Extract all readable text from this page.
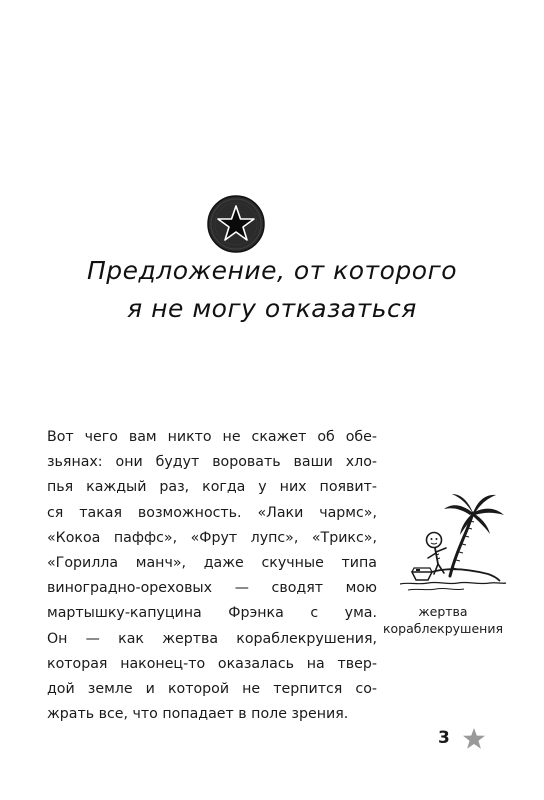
Предложение, от которого
я не могу отказаться
Вот чего вам никто не скажет об обе-
зьянах: они будут воровать ваши хло-
пья каждый раз, когда у них появит-
ся такая возможность. «Лаки чармс»,
«Кокоа паффс», «Фрут лупс», «Трикс»,
«Горилла манч», даже скучные типа
виноградно-ореховых — сводят мою
мартышку-капуцина Фрэнка с ума.
Он — как жертва кораблекрушения,
которая наконец-то оказалась на твер-
дой земле и которой не терпится со-
жрать все, что попадает в поле зрения.
жертва
кораблекрушения
3
